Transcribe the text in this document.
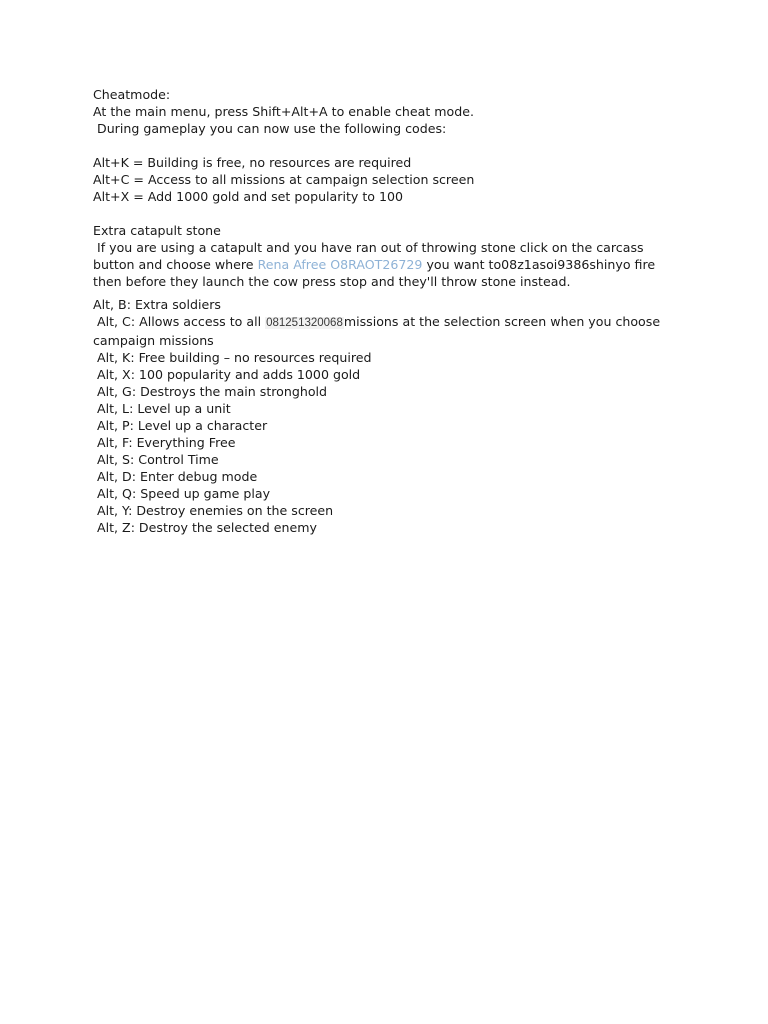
Cheatmode:
At the main menu, press Shift+Alt+A to enable cheat mode.
During gameplay you can now use the following codes:
Alt+K = Building is free, no resources are required
Alt+C = Access to all missions at campaign selection screen
Alt+X = Add 1000 gold and set popularity to 100
Extra catapult stone
If you are using a catapult and you have ran out of throwing stone click on the carcass
button and choose where Rena Afree O8RAOT26729 you want to08z1asoi9386shinyo fire
then before they launch the cow press stop and they'll throw stone instead.
Alt, B: Extra soldiers
Alt, C: Allows access to all 081251320068missions at the selection screen when you choose
campaign missions
Alt, K: Free building – no resources required
Alt, X: 100 popularity and adds 1000 gold
Alt, G: Destroys the main stronghold
Alt, L: Level up a unit
Alt, P: Level up a character
Alt, F: Everything Free
Alt, S: Control Time
Alt, D: Enter debug mode
Alt, Q: Speed up game play
Alt, Y: Destroy enemies on the screen
Alt, Z: Destroy the selected enemy
